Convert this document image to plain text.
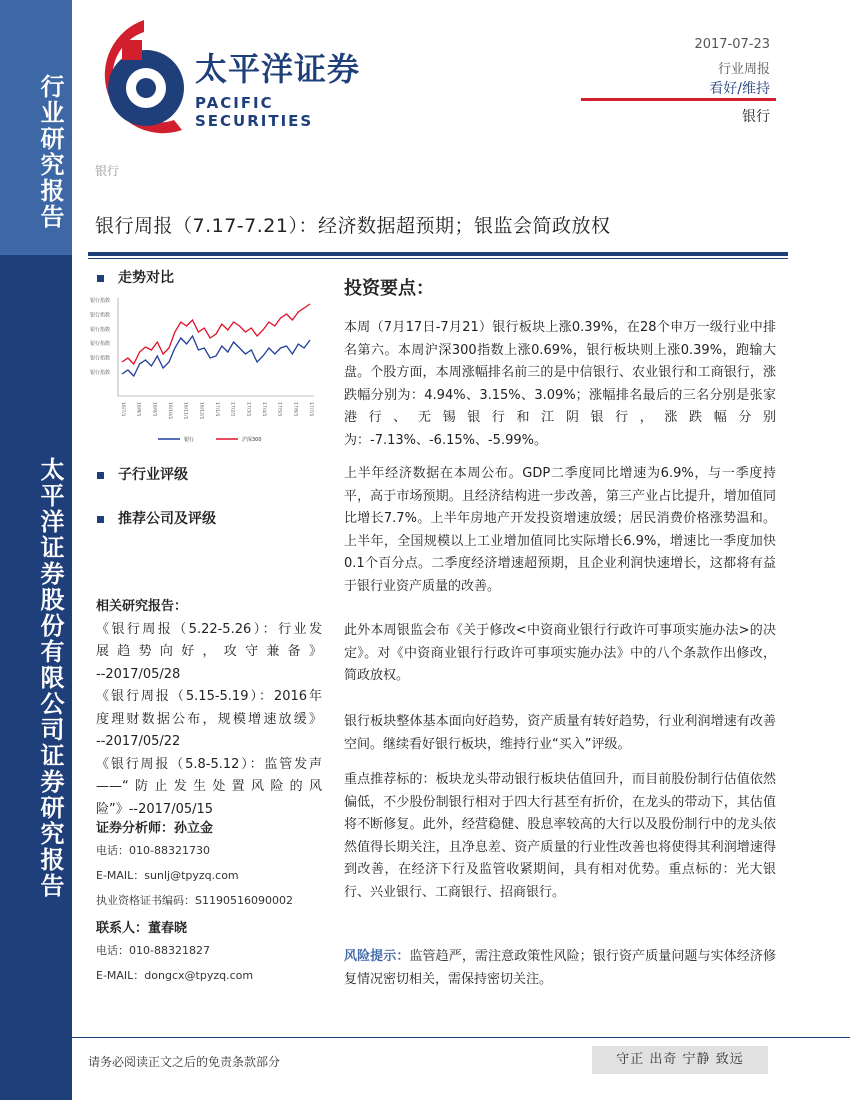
行业研究报告
太平洋证券股份有限公司证券研究报告
太平洋证券
PACIFIC SECURITIES
2017-07-23
行业周报
看好/维持
银行
银行
银行周报（7.17-7.21）：经济数据超预期；银监会简政放权
走势对比
银行指数
银行指数
银行指数
银行指数
银行指数
银行指数
16/7/1 16/8/1 16/9/1 16/10/1 16/11/1 16/12/1 17/1/1 17/2/1 17/3/1 17/4/1 17/5/1 17/6/1 17/7/1
银行	沪深300
子行业评级
推荐公司及评级

相关研究报告：

《银行周报（5.22-5.26）：行业发

展趋势向好，攻守兼备》

--2017/05/28

《银行周报（5.15-5.19）：2016年

度理财数据公布，规模增速放缓》

--2017/05/22

《银行周报（5.8-5.12）：监管发声

——“防止发生处置风险的风

险”》--2017/05/15

证券分析师：孙立金
电话：010-88321730
E-MAIL：sunlj@tpyzq.com
执业资格证书编码：S1190516090002
联系人：董春晓
电话：010-88321827
E-MAIL：dongcx@tpyzq.com
投资要点：

本周（7月17日-7月21）银行板块上涨0.39%，在28个申万一级行业中排名第六。本周沪深300指数上涨0.69%，银行板块则上涨0.39%，跑输大盘。个股方面，本周涨幅排名前三的是中信银行、农业银行和工商银行，涨跌幅分别为：4.94%、3.15%、3.09%；涨幅排名最后的三名分别是张家港行、无锡银行和江阴银行，涨跌幅分别为：-7.13%、-6.15%、-5.99%。

上半年经济数据在本周公布。GDP二季度同比增速为6.9%，与一季度持平，高于市场预期。且经济结构进一步改善，第三产业占比提升，增加值同比增长7.7%。上半年房地产开发投资增速放缓；居民消费价格涨势温和。上半年，全国规模以上工业增加值同比实际增长6.9%，增速比一季度加快0.1个百分点。二季度经济增速超预期，且企业利润快速增长，这都将有益于银行业资产质量的改善。

此外本周银监会布《关于修改<中资商业银行行政许可事项实施办法>的决定》。对《中资商业银行行政许可事项实施办法》中的八个条款作出修改，简政放权。

银行板块整体基本面向好趋势，资产质量有转好趋势，行业利润增速有改善空间。继续看好银行板块，维持行业“买入”评级。

重点推荐标的：板块龙头带动银行板块估值回升，而目前股份制行估值依然偏低，不少股份制银行相对于四大行甚至有折价，在龙头的带动下，其估值将不断修复。此外，经营稳健、股息率较高的大行以及股份制行中的龙头依然值得长期关注，且净息差、资产质量的行业性改善也将使得其利润增速得到改善，在经济下行及监管收紧期间，具有相对优势。重点标的：光大银行、兴业银行、工商银行、招商银行。

风险提示：监管趋严，需注意政策性风险；银行资产质量问题与实体经济修复情况密切相关，需保持密切关注。

请务必阅读正文之后的免责条款部分	守正 出奇 宁静 致远
